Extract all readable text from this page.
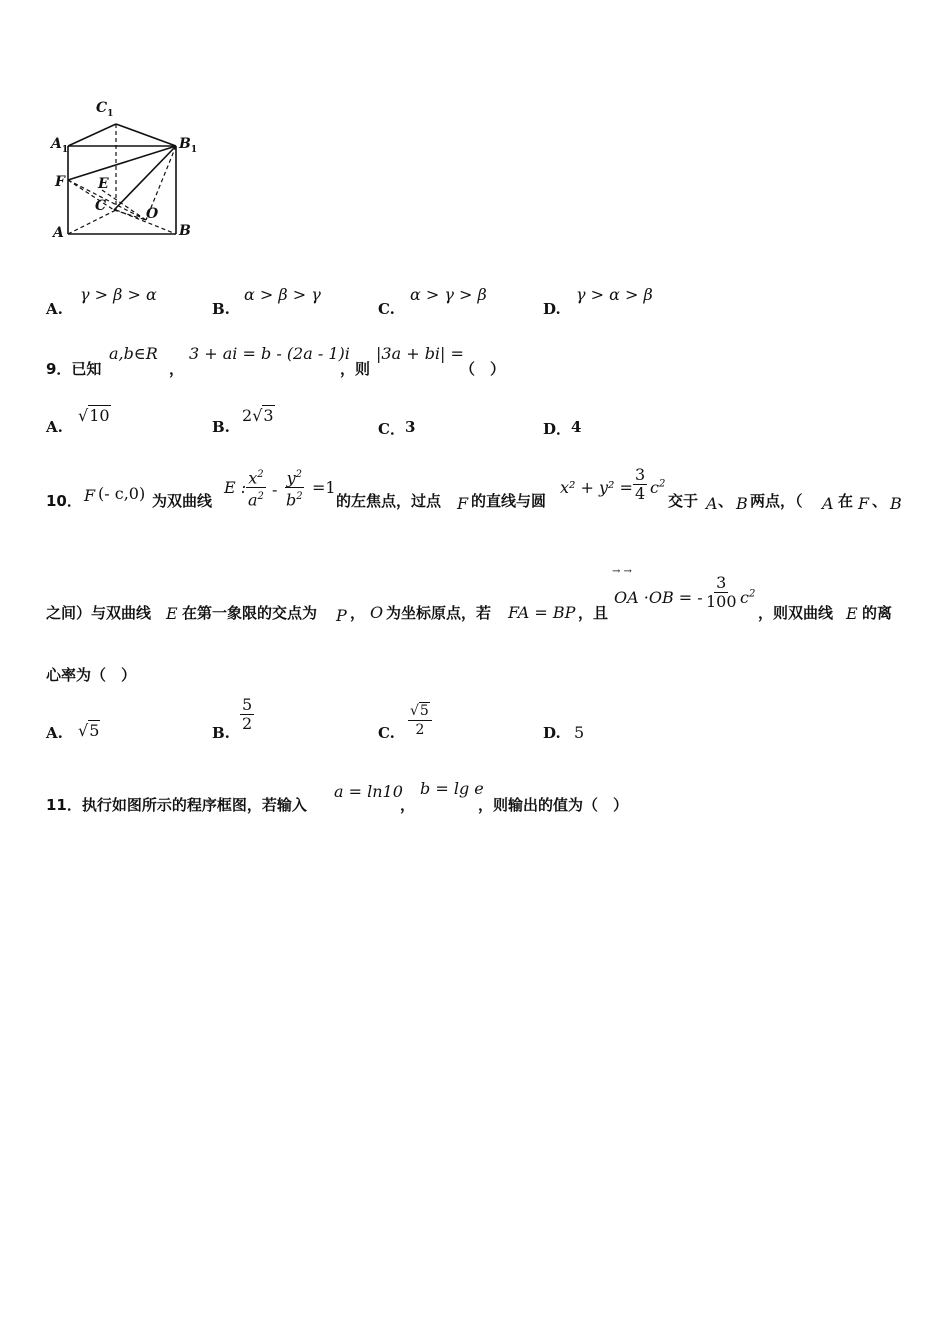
$C_1$
$A_1$	$B_1$
F E
C	O
A	B
A.
γ > β > α
B.
α > β > γ
C.
α > γ > β
D.
γ > α > β
9．已知
a,b∈R
，
3 + ai = b - (2a - 1)i
，则
|3a + bi| =
（　）
A.
√10
B.
2√3
C． 3	D． 4
10． F (- c,0) 为双曲线
E : $\frac{x^2}{a^2} - \frac{y^2}{b^2} =1$
的左焦点，过点 F 的直线与圆
$x^2 + y^2 = \frac{3}{4} c^2$
交于 A 、 B 两点，（ A 在 F 、 B
之间）与双曲线 E 在第一象限的交点为 P ， O 为坐标原点，若 FA = BP ，且
→ →
OA ·OB = - $\frac{3}{100} c^2$
，则双曲线 E 的离
心率为（　）
A. √5	B. $\frac{5}{2}$	C. $\frac{√5}{2}$	D. 5
11．执行如图所示的程序框图，若输入
a = ln10
，
b = lg e
，则输出的值为（　）
